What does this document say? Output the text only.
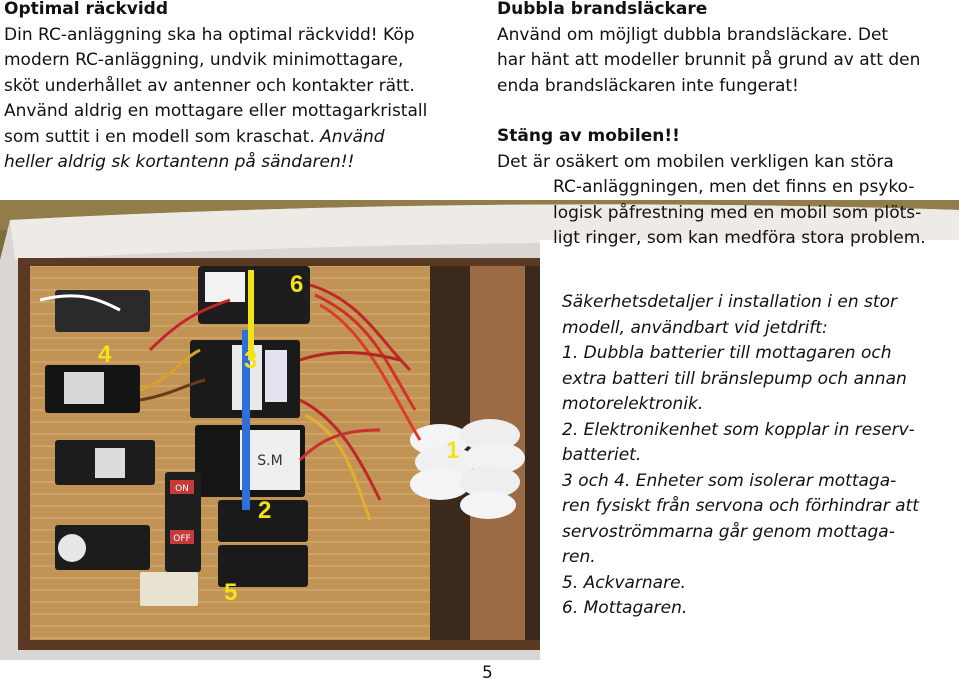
S.M
ON
OFF
1
2
3
4
5
6

Optimal räckvidd

Din RC-anläggning ska ha optimal räckvidd! Köp

modern RC-anläggning, undvik minimottagare,

sköt underhållet av antenner och kontakter rätt.

Använd aldrig en mottagare eller mottagarkristall

som suttit i en modell som kraschat. Använd

heller aldrig sk kortantenn på sändaren!!

Dubbla brandsläckare

Använd om möjligt dubbla brandsläckare. Det

har hänt att modeller brunnit på grund av att den

enda brandsläckaren inte fungerat!

Stäng av mobilen!!

Det är osäkert om mobilen verkligen kan störa

RC-anläggningen, men det finns en psyko-

logisk påfrestning med en mobil som plöts-

ligt ringer, som kan medföra stora problem.

Säkerhetsdetaljer i installation i en stor

modell, användbart vid jetdrift:

1. Dubbla batterier till mottagaren och

extra batteri till bränslepump och annan

motorelektronik.

2. Elektronikenhet som kopplar in reserv-

batteriet.

3 och 4. Enheter som isolerar mottaga-

ren fysiskt från servona och förhindrar att

servoströmmarna går genom mottaga-

ren.

5. Ackvarnare.

6. Mottagaren.

5
